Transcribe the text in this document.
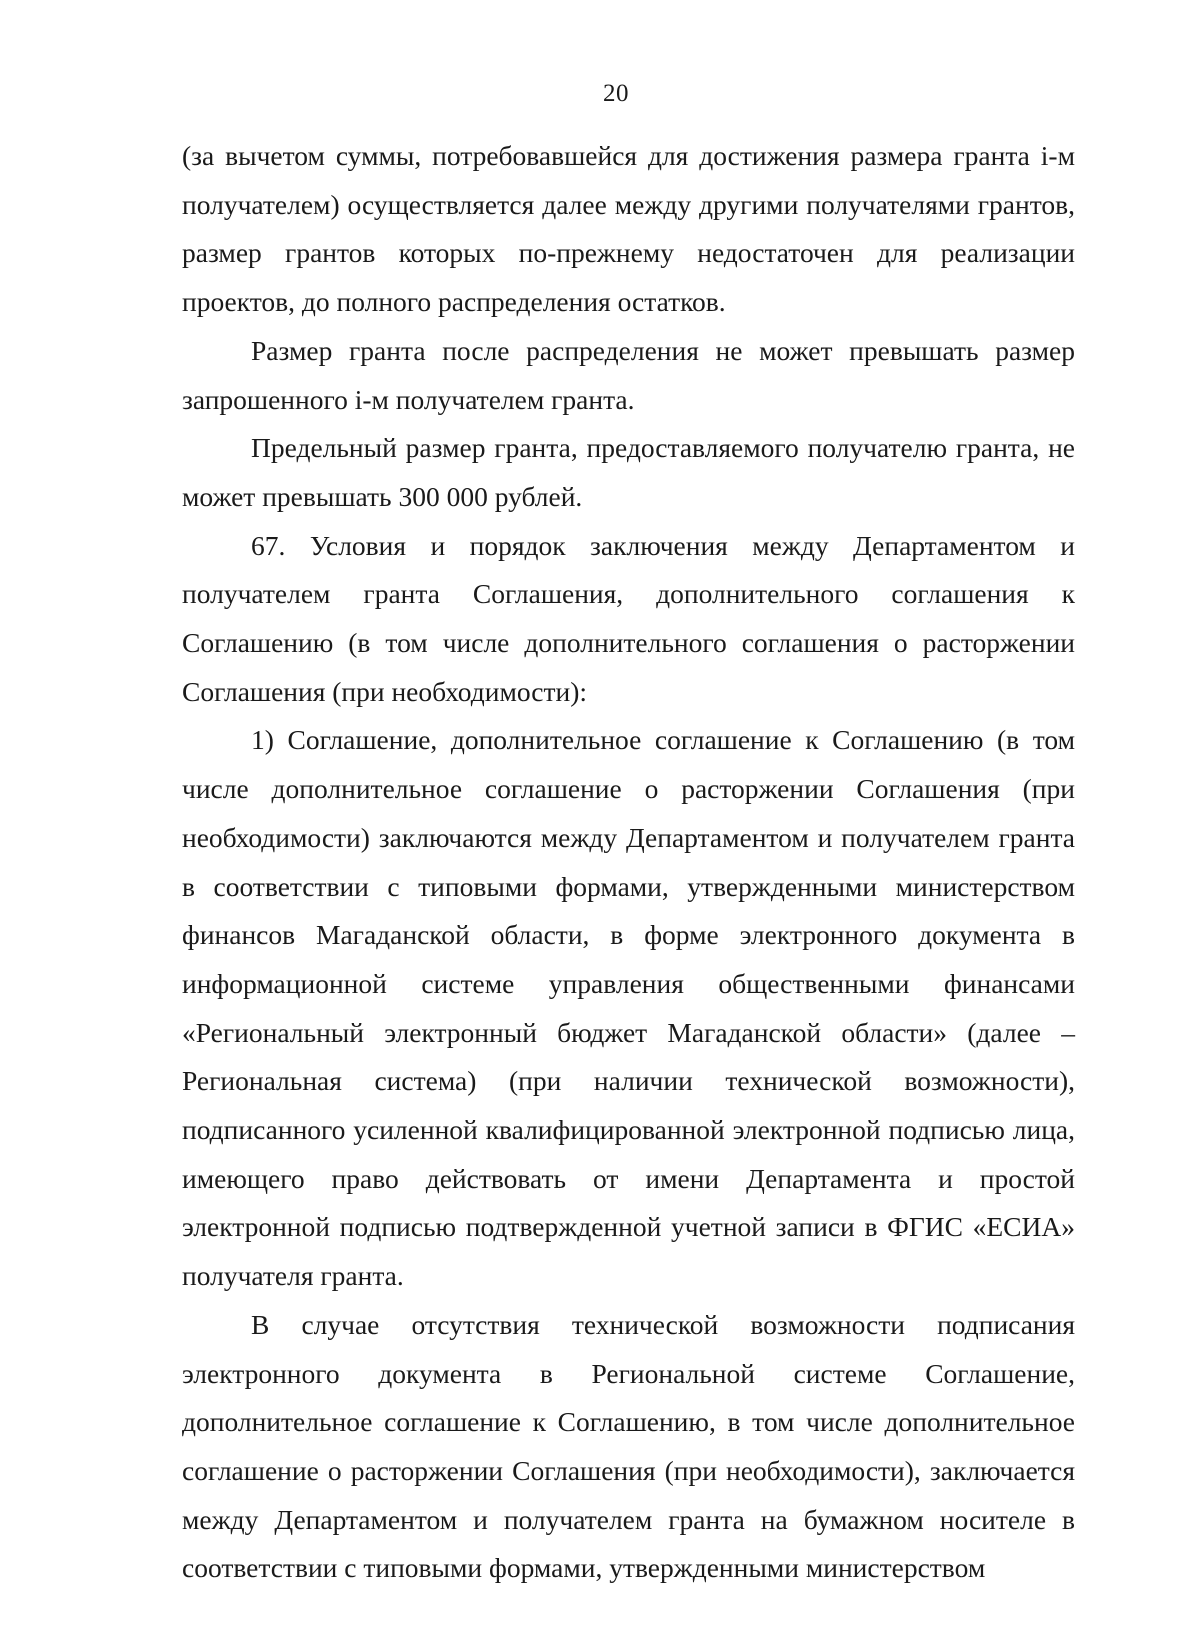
20

(за вычетом суммы, потребовавшейся для достижения размера гранта i-м получателем) осуществляется далее между другими получателями грантов, размер грантов которых по-прежнему недостаточен для реализации проектов, до полного распределения остатков.

Размер гранта после распределения не может превышать размер запрошенного i-м получателем гранта.

Предельный размер гранта, предоставляемого получателю гранта, не может превышать 300 000 рублей.

67. Условия и порядок заключения между Департаментом и получателем гранта Соглашения, дополнительного соглашения к Соглашению (в том числе дополнительного соглашения о расторжении Соглашения (при необходимости):

1) Соглашение, дополнительное соглашение к Соглашению (в том числе дополнительное соглашение о расторжении Соглашения (при необходимости) заключаются между Департаментом и получателем гранта в соответствии с типовыми формами, утвержденными министерством финансов Магаданской области, в форме электронного документа в информационной системе управления общественными финансами «Региональный электронный бюджет Магаданской области» (далее – Региональная система) (при наличии технической возможности), подписанного усиленной квалифицированной электронной подписью лица, имеющего право действовать от имени Департамента и простой электронной подписью подтвержденной учетной записи в ФГИС «ЕСИА» получателя гранта.

В случае отсутствия технической возможности подписания электронного документа в Региональной системе Соглашение, дополнительное соглашение к Соглашению, в том числе дополнительное соглашение о расторжении Соглашения (при необходимости), заключается между Департаментом и получателем гранта на бумажном носителе в соответствии с типовыми формами, утвержденными министерством
